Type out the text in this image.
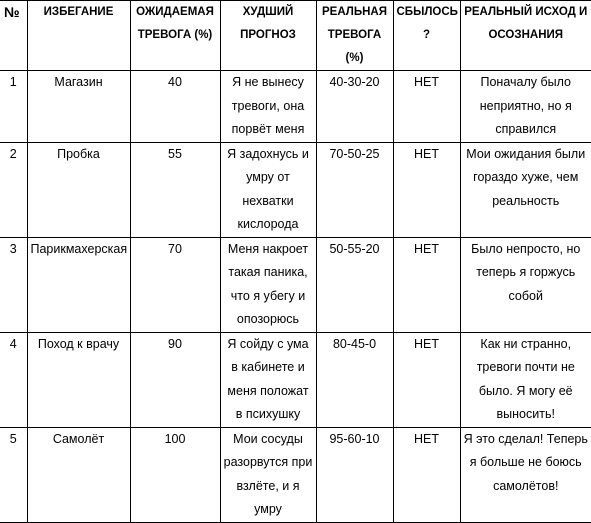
№	ИЗБЕГАНИЕ	ОЖИДАЕМАЯ ТРЕВОГА (%)	ХУДШИЙ ПРОГНОЗ	РЕАЛЬНАЯ ТРЕВОГА (%)	СБЫЛОСЬ ?	РЕАЛЬНЫЙ ИСХОД И ОСОЗНАНИЯ

1	Магазин	40	Я не вынесу тревоги, она порвёт меня	40-30-20	НЕТ	Поначалу было неприятно, но я справился

2	Пробка	55	Я задохнусь и умру от нехватки кислорода	70-50-25	НЕТ	Мои ожидания были гораздо хуже, чем реальность

3	Парикмахерская	70	Меня накроет такая паника, что я убегу и опозорюсь	50-55-20	НЕТ	Было непросто, но теперь я горжусь собой

4	Поход к врачу	90	Я сойду с ума в кабинете и меня положат в психушку	80-45-0	НЕТ	Как ни странно, тревоги почти не было. Я могу её выносить!

5	Самолёт	100	Мои сосуды разорвутся при взлёте, и я умру	95-60-10	НЕТ	Я это сделал! Теперь я больше не боюсь самолётов!
